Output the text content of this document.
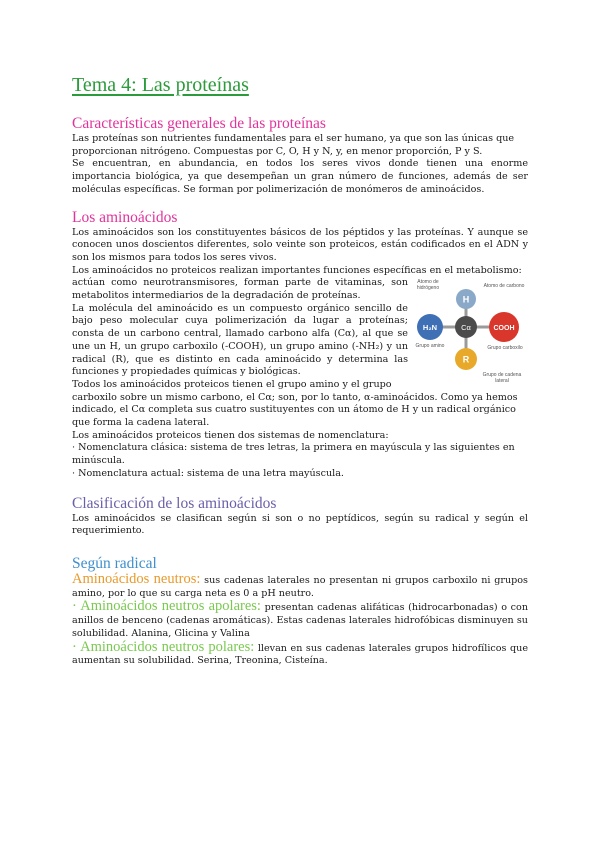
Tema 4: Las proteínas
Características generales de las proteínas

Las proteínas son nutrientes fundamentales para el ser humano, ya que son las únicas que proporcionan nitrógeno. Compuestas por C, O, H y N, y, en menor proporción, P y S.

Se encuentran, en abundancia, en todos los seres vivos donde tienen una enorme importancia biológica, ya que desempeñan un gran número de funciones, además de ser moléculas específicas. Se forman por polimerización de monómeros de aminoácidos.

Los aminoácidos

Los aminoácidos son los constituyentes básicos de los péptidos y las proteínas. Y aunque se conocen unos doscientos diferentes, solo veinte son proteicos, están codificados en el ADN y son los mismos para todos los seres vivos.

Los aminoácidos no proteicos realizan importantes funciones específicas en el metabolismo:

H
Cα
H₂N	COOH
R
Átomo de hidrógeno	Átomo de carbono
Grupo amino	Grupo carboxilo
Grupo de cadena lateral

actúan como neurotransmisores, forman parte de vitaminas, son metabolitos intermediarios de la degradación de proteínas.

La molécula del aminoácido es un compuesto orgánico sencillo de bajo peso molecular cuya polimerización da lugar a proteínas; consta de un carbono central, llamado carbono alfa (Cα), al que se une un H, un grupo carboxilo (-COOH), un grupo amino (-NH₂) y un radical (R), que es distinto en cada aminoácido y determina las funciones y propiedades químicas y biológicas.

Todos los aminoácidos proteicos tienen el grupo amino y el grupo

carboxilo sobre un mismo carbono, el Cα; son, por lo tanto, α-aminoácidos. Como ya hemos indicado, el Cα completa sus cuatro sustituyentes con un átomo de H y un radical orgánico que forma la cadena lateral.

Los aminoácidos proteicos tienen dos sistemas de nomenclatura:

· Nomenclatura clásica: sistema de tres letras, la primera en mayúscula y las siguientes en minúscula.

· Nomenclatura actual: sistema de una letra mayúscula.

Clasificación de los aminoácidos

Los aminoácidos se clasifican según si son o no peptídicos, según su radical y según el requerimiento.

Según radical

Aminoácidos neutros: sus cadenas laterales no presentan ni grupos carboxilo ni grupos amino, por lo que su carga neta es 0 a pH neutro.

· Aminoácidos neutros apolares: presentan cadenas alifáticas (hidrocarbonadas) o con anillos de benceno (cadenas aromáticas). Estas cadenas laterales hidrofóbicas disminuyen su solubilidad. Alanina, Glicina y Valina

· Aminoácidos neutros polares: llevan en sus cadenas laterales grupos hidrofílicos que aumentan su solubilidad. Serina, Treonina, Cisteína.
